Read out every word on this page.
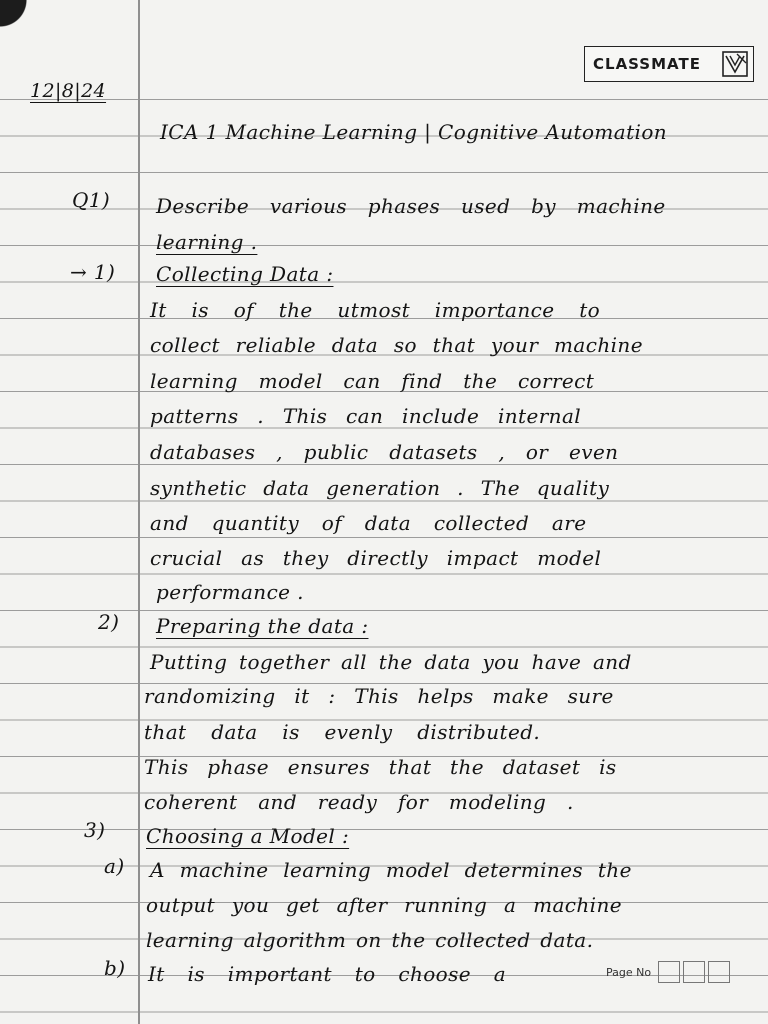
CLASSMATE
12|8|24
ICA 1 Machine Learning | Cognitive Automation
Q1) Describe various phases used by machine
learning .
→ 1) Collecting Data :
It is of the utmost importance to
collect reliable data so that your machine
learning model can find the correct
patterns . This can include internal
databases , public datasets , or even
synthetic data generation . The quality
and quantity of data collected are
crucial as they directly impact model
performance .
2) Preparing the data :
Putting together all the data you have and
randomizing it : This helps make sure
that data is evenly distributed.
This phase ensures that the dataset is
coherent and ready for modeling .
3) Choosing a Model :
a) A machine learning model determines the
output you get after running a machine
learning algorithm on the collected data.
b) It is important to choose a	Page No
